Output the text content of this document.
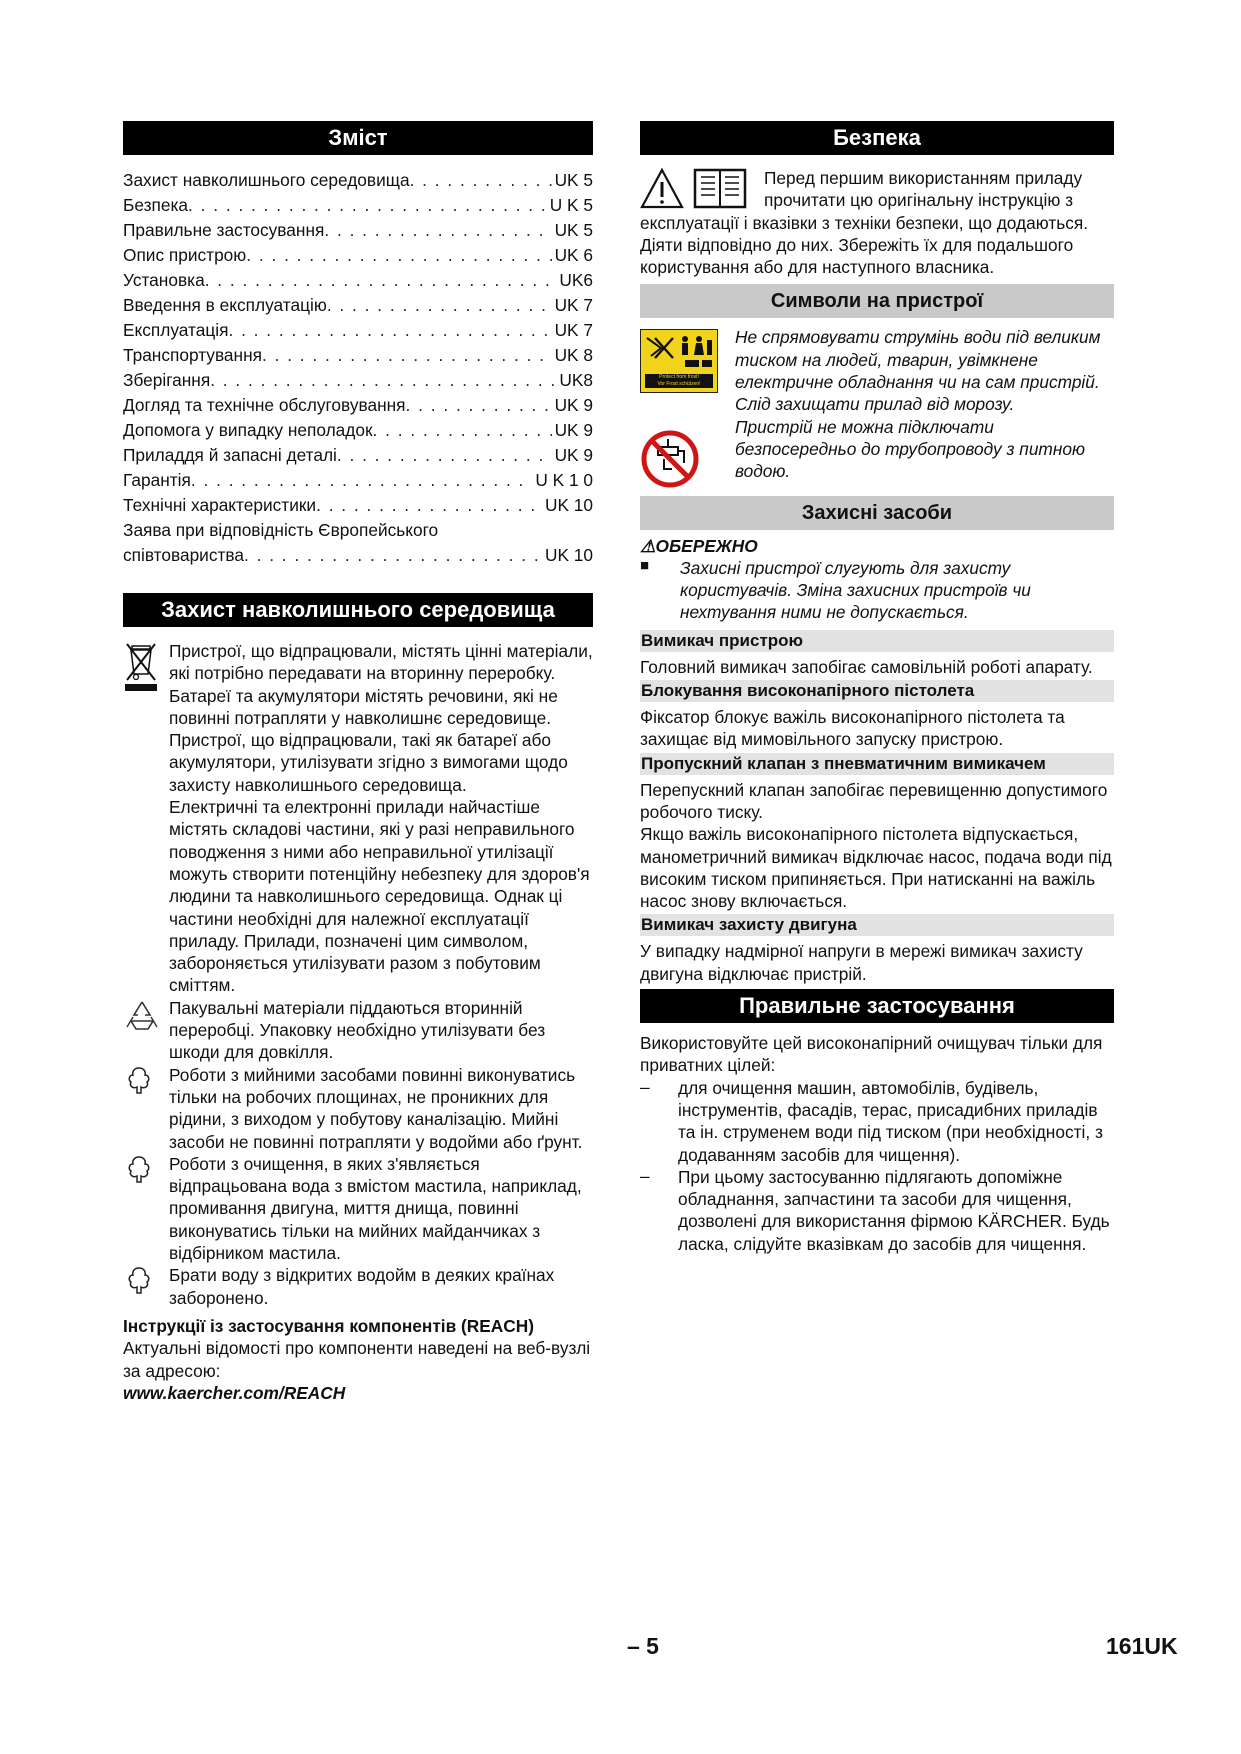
Зміст
Захист навколишнього середовища . . .	UK 5
Безпека . . .	U K 5
Правильне застосування . . .	UK 5
Опис пристрою . . .	UK 6
Установка . . .	UK6
Введення в експлуатацію . . .	UK 7
Експлуатація . . .	UK 7
Транспортування . . .	UK 8
Зберігання . . .	UK8
Догляд та технічне обслуговування . . .	UK 9
Допомога у випадку неполадок . . .	UK 9
Приладдя й запасні деталі . . .	UK 9
Гарантія . . .	U K 1 0
Технічні характеристики . . .	UK 10
Заява при відповідність Європейського
співтовариства . . .	UK 10
Захист навколишнього середовища

Пристрої, що відпрацювали, містять цінні матеріали, які потрібно передавати на вторинну переробку. Батареї та акумулятори містять речовини, які не повинні потрапляти у навколишнє середовище. Пристрої, що відпрацювали, такі як батареї або акумулятори, утилізувати згідно з вимогами щодо захисту навколишнього середовища.

Електричні та електронні прилади найчастіше містять складові частини, які у разі неправильного поводження з ними або неправильної утилізації можуть створити потенційну небезпеку для здоров'я людини та навколишнього середовища. Однак ці частини необхідні для належної експлуатації приладу. Прилади, позначені цим символом, забороняється утилізувати разом з побутовим сміттям.

Пакувальні матеріали піддаються вторинній переробці. Упаковку необхідно утилізувати без шкоди для довкілля.

Роботи з мийними засобами повинні виконуватись тільки на робочих площинах, не проникних для рідини, з виходом у побутову каналізацію. Мийні засоби не повинні потрапляти у водойми або ґрунт.

Роботи з очищення, в яких з'являється відпрацьована вода з вмістом мастила, наприклад, промивання двигуна, миття днища, повинні виконуватись тільки на мийних майданчиках з відбірником мастила.

Брати воду з відкритих водойм в деяких країнах заборонено.

Інструкції із застосування компонентів (REACH)

Актуальні відомості про компоненти наведені на веб-вузлі за адресою:

www.kaercher.com/REACH

Безпека

Перед першим використанням приладу прочитати цю оригінальну інструкцію з експлуатації і вказівки з техніки безпеки, що додаються. Діяти відповідно до них. Збережіть їх для подальшого користування або для наступного власника.

Символи на пристрої
Protect from frost!
Vor Frost schützen!

Не спрямовувати струмінь води під великим тиском на людей, тварин, увімкнене електричне обладнання чи на сам пристрій.

Слід захищати прилад від морозу.

Пристрій не можна підключати безпосередньо до трубопроводу з питною водою.

Захисні засоби

⚠ОБЕРЕЖНО

■	Захисні пристрої слугують для захисту користувачів. Зміна захисних пристроїв чи нехтування ними не допускається.

Вимикач пристрою

Головний вимикач запобігає самовільній роботі апарату.

Блокування високонапірного пістолета

Фіксатор блокує важіль високонапірного пістолета та захищає від мимовільного запуску пристрою.

Пропускний клапан з пневматичним вимикачем

Перепускний клапан запобігає перевищенню допустимого робочого тиску.

Якщо важіль високонапірного пістолета відпускається, манометричний вимикач відключає насос, подача води під високим тиском припиняється. При натисканні на важіль насос знову включається.

Вимикач захисту двигуна

У випадку надмірної напруги в мережі вимикач захисту двигуна відключає пристрій.

Правильне застосування

Використовуйте цей високонапірний очищувач тільки для приватних цілей:

–	для очищення машин, автомобілів, будівель, інструментів, фасадів, терас, присадибних приладів та ін. струменем води під тиском (при необхідності, з додаванням засобів для чищення).

–	При цьому застосуванню підлягають допоміжне обладнання, запчастини та засоби для чищення, дозволені для використання фірмою KÄRCHER. Будь ласка, слідуйте вказівкам до засобів для чищення.

– 5	161UK
